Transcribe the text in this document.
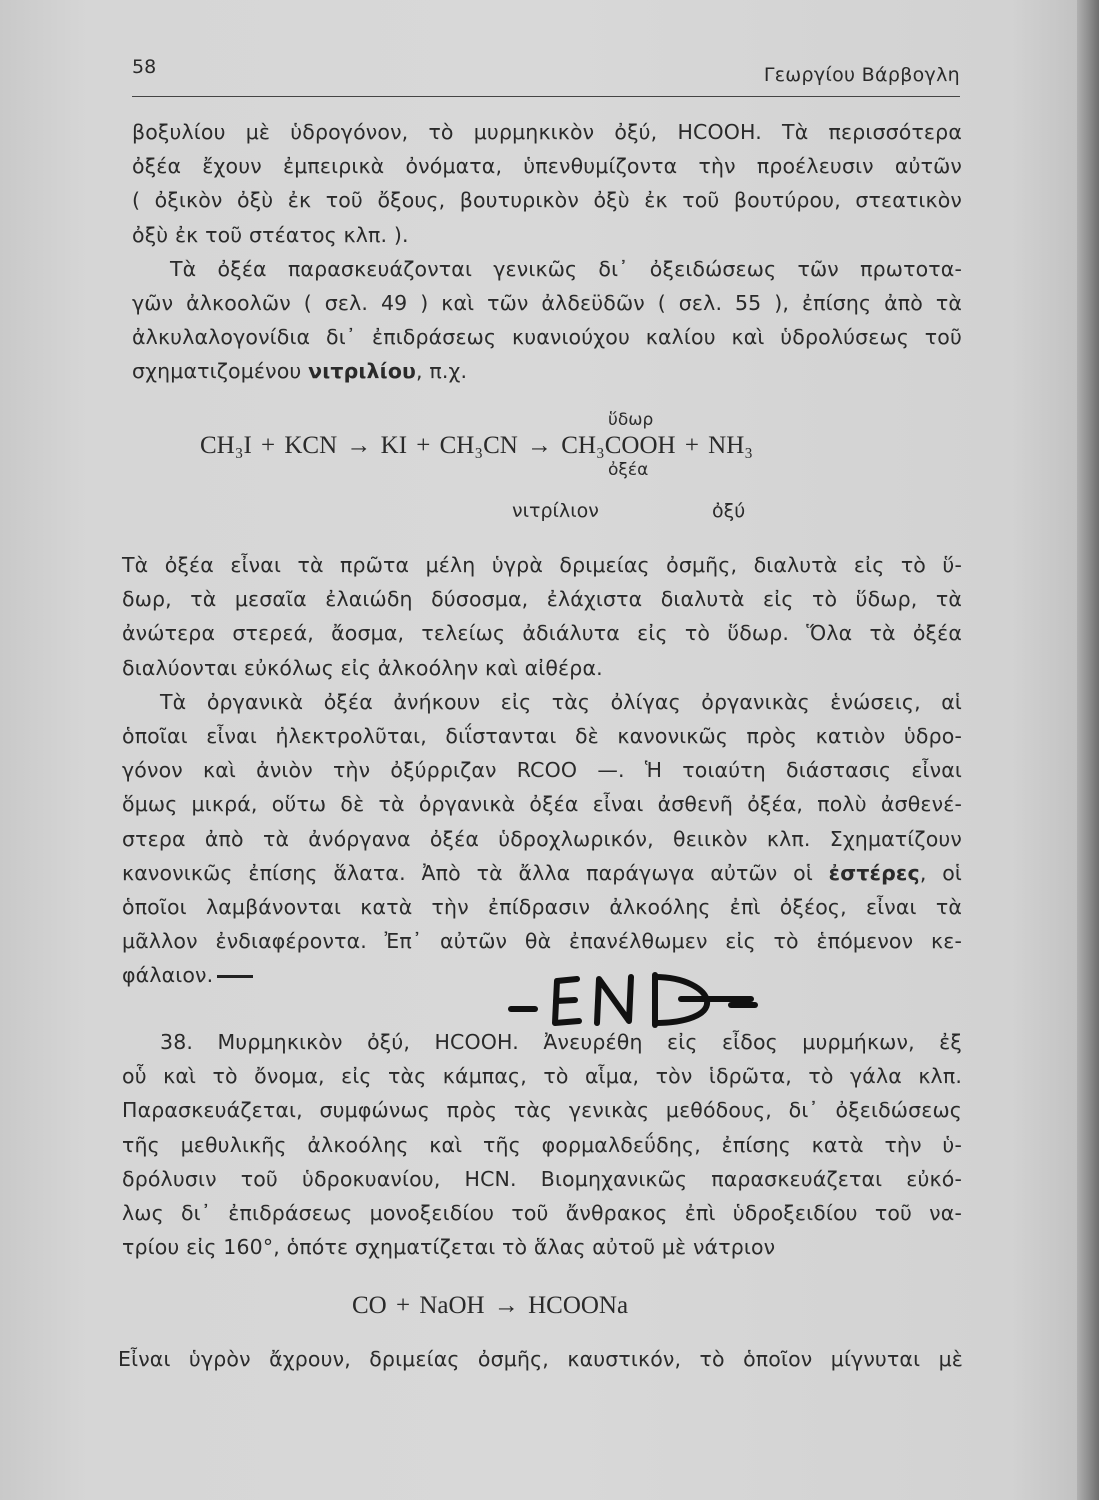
58	Γεωργίου Βάρβογλη
βοξυλίου μὲ ὑδρογόνον, τὸ μυρμηκικὸν ὀξύ, HCOOH. Τὰ περισσότερα
ὀξέα ἔχουν ἐμπειρικὰ ὀνόματα, ὑπενθυμίζοντα τὴν προέλευσιν αὐτῶν
( ὀξικὸν ὀξὺ ἐκ τοῦ ὄξους, βουτυρικὸν ὀξὺ ἐκ τοῦ βουτύρου, στεατικὸν
ὀξὺ ἐκ τοῦ στέατος κλπ. ).
Τὰ ὀξέα παρασκευάζονται γενικῶς δι᾽ ὀξειδώσεως τῶν πρωτοτα-
γῶν ἀλκοολῶν ( σελ. 49 ) καὶ τῶν ἀλδεϋδῶν ( σελ. 55 ), ἐπίσης ἀπὸ τὰ
ἀλκυλαλογονίδια δι᾽ ἐπιδράσεως κυανιούχου καλίου καὶ ὑδρολύσεως τοῦ
σχηματιζομένου νιτριλίου, π.χ.
ὕδωρ
CH₃I + KCN → KI + CH₃CN → CH₃COOH + NH₃
ὀξέα
νιτρίλιον	ὀξύ
Τὰ ὀξέα εἶναι τὰ πρῶτα μέλη ὑγρὰ δριμείας ὀσμῆς, διαλυτὰ εἰς τὸ ὕ-
δωρ, τὰ μεσαῖα ἐλαιώδη δύσοσμα, ἐλάχιστα διαλυτὰ εἰς τὸ ὕδωρ, τὰ
ἀνώτερα στερεά, ἄοσμα, τελείως ἀδιάλυτα εἰς τὸ ὕδωρ. Ὅλα τὰ ὀξέα
διαλύονται εὐκόλως εἰς ἀλκοόλην καὶ αἰθέρα.
Τὰ ὀργανικὰ ὀξέα ἀνήκουν εἰς τὰς ὀλίγας ὀργανικὰς ἑνώσεις, αἱ
ὁποῖαι εἶναι ἠλεκτρολῦται, διΐστανται δὲ κανονικῶς πρὸς κατιὸν ὑδρο-
γόνον καὶ ἀνιὸν τὴν ὀξύρριζαν RCOO —. Ἡ τοιαύτη διάστασις εἶναι
ὅμως μικρά, οὕτω δὲ τὰ ὀργανικὰ ὀξέα εἶναι ἀσθενῆ ὀξέα, πολὺ ἀσθενέ-
στερα ἀπὸ τὰ ἀνόργανα ὀξέα ὑδροχλωρικόν, θειικὸν κλπ. Σχηματίζουν
κανονικῶς ἐπίσης ἅλατα. Ἀπὸ τὰ ἄλλα παράγωγα αὐτῶν οἱ ἐστέρες, οἱ
ὁποῖοι λαμβάνονται κατὰ τὴν ἐπίδρασιν ἀλκοόλης ἐπὶ ὀξέος, εἶναι τὰ
μᾶλλον ἐνδιαφέροντα. Ἐπ᾽ αὐτῶν θὰ ἐπανέλθωμεν εἰς τὸ ἑπόμενον κε-
φάλαιον.
38. Μυρμηκικὸν ὀξύ, HCOOH. Ἀνευρέθη εἰς εἶδος μυρμήκων, ἐξ
οὗ καὶ τὸ ὄνομα, εἰς τὰς κάμπας, τὸ αἷμα, τὸν ἱδρῶτα, τὸ γάλα κλπ.
Παρασκευάζεται, συμφώνως πρὸς τὰς γενικὰς μεθόδους, δι᾽ ὀξειδώσεως
τῆς μεθυλικῆς ἀλκοόλης καὶ τῆς φορμαλδεΰδης, ἐπίσης κατὰ τὴν ὑ-
δρόλυσιν τοῦ ὑδροκυανίου, HCN. Βιομηχανικῶς παρασκευάζεται εὐκό-
λως δι᾽ ἐπιδράσεως μονοξειδίου τοῦ ἄνθρακος ἐπὶ ὑδροξειδίου τοῦ να-
τρίου εἰς 160°, ὁπότε σχηματίζεται τὸ ἅλας αὐτοῦ μὲ νάτριον
CO + NaOH → HCOONa
Εἶναι ὑγρὸν ἄχρουν, δριμείας ὀσμῆς, καυστικόν, τὸ ὁποῖον μίγνυται μὲ
